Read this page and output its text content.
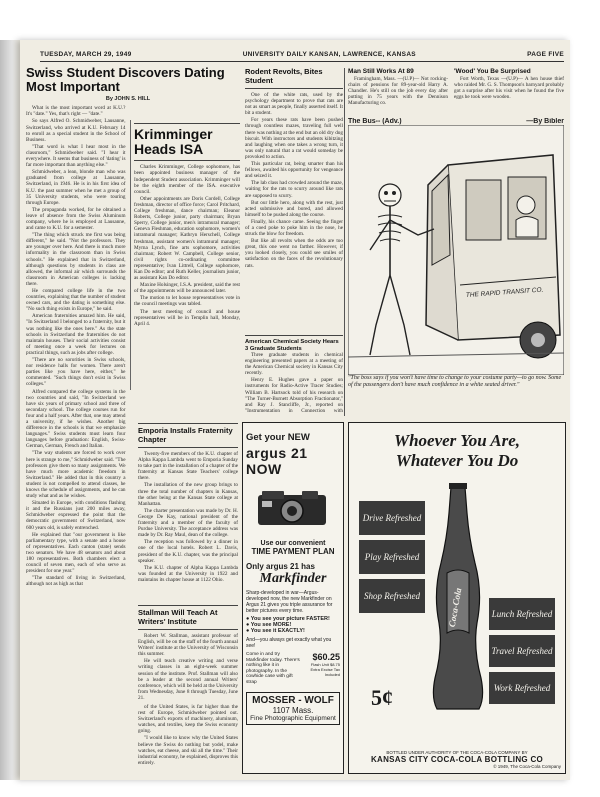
TUESDAY, MARCH 29, 1949	UNIVERSITY DAILY KANSAN, LAWRENCE, KANSAS	PAGE FIVE
Swiss Student Discovers Dating Most Important
By JOHN S. HILL

What is the most important word at K.U.? It's "date." Yes, that's right — "date."

So says Alfred O. Schmidweber, Lausanne, Switzerland, who arrived at K.U. February 14 to enroll as a special student in the School of Business.

"That word is what I hear most in the classroom," Schmidweber said. "I hear it everywhere. It seems that business of 'dating' is far more important than anything else."

Schmidweber, a lean, blonde man who was graduated from college at Lausanne, Switzerland, in 1946. He is in his first idea of K.U. the past summer when he met a group of 35 University students, who were touring through Europe.

The propaganda worked, for he obtained a leave of absence from the Swiss Aluminum company, where he is employed at Lausanne, and came to K.U. for a semester.

"The thing which struck me first was being different," he said. "Not the professors. They are younger over here. And there is much more informality in the classroom than in Swiss schools." He explained that in Switzerland, although questions by students in class are allowed, the informal air which surrounds the classroom in American colleges is lacking there.

He compared college life in the two countries, explaining that the number of student owned cars, and the dating is something else. "No such thing exists in Europe," he said.

American fraternities amazed him. He said, "In Switzerland I belonged to a fraternity, but it was nothing like the ones here." As the state schools in Switzerland the fraternities do not maintain houses. Their social activities consist of meeting once a week for lectures on practical things, such as jobs after college.

"There are no sororities in Swiss schools, nor residence halls for women. There aren't parties like you have here, either," he commented. "Such things don't exist in Swiss colleges."

Alfred compared the college systems in the two countries and said, "In Switzerland we have six years of primary school and three of secondary school. The college courses run for four and a half years. After that, one may attend a university, if he wishes. Another big difference in the schools is that we emphasize languages." Swiss students must learn four languages before graduation: English, Swiss-German, German, French and Italian.

"The way students are forced to work over here is strange to me," Schmidweber said. "The professors give them so many assignments. We have much more academic freedom in Switzerland." He added that in this country a student is not compelled to attend classes, he knows the schedule of assignments, and he can study what and as he wishes.

Situated in Europe, with conditions flashing it and the Russians just 200 miles away, Schmidweber expressed the point that the democratic government of Switzerland, now 600 years old, is safely entrenched.

He explained that "our government is like parliamentary type, with a senate and a house of representatives. Each canton (state) sends two senators. We have 48 senators and about 180 representatives. Both chambers elect a council of seven men, each of who serve as president for one year."

"The standard of living in Switzerland, although not as high as that

Krimminger Heads ISA

Charles Krimminger, College sophomore, has been appointed business manager of the Independent Student association. Krimminger will be the eighth member of the ISA. executive council.

Other appointments are Doris Cordell, College freshman, director of office force; Carol Pritchard, College freshman, dance chairman; Eleanor Roberts, College junior, party chairman; Bryan Sperry, College junior, men's intramural manager; Geneva Fleshman, education sophomore, women's intramural manager; Kathryn Herschell, College freshman, assistant women's intramural manager; Myrna Lynch, fine arts sophomore, activities chairman; Robert W. Campbell, College senior, civil rights co-ordinating committee representative; Ivan Littrell, College sophomore, Kan Do editor; and Ruth Keller, journalism junior, as assistant Kan Do editor.

Maxine Holsinger, I.S.A. president, said the rest of the appointments will be announced later.

The motion to let house representatives vote in the council meetings was tabled.

The next meeting of council and house representatives will be in Templin hall, Monday, April 4.

Rodent Revolts, Bites Student

One of the white rats, used by the psychology department to prove that rats are not as smart as people, finally asserted itself. It bit a student.

For years these rats have been pushed through countless mazes, traveling full well there was nothing at the end but an old dry dog biscuit. With instructors and students kibitzing and laughing when one takes a wrong turn, it was only natural that a rat would someday be provoked to action.

This particular rat, being smarter than his fellows, awaited his opportunity for vengeance and seized it.

The lab class had crowded around the maze, waiting for the rats to scurry around like rats are supposed to scurry.

But our little hero, along with the rest, just acted submissive and bored, and allowed himself to be pushed along the course.

Finally, his chance came. Seeing the finger of a coed poke to poke him in the nose, he struck the blow for freedom.

But like all revolts when the odds are too great, this one went no farther. However, if you looked closely, you could see smiles of satisfaction on the faces of the revolutionary rats.

American Chemical Society Hears 3 Graduate Students

Three graduate students in chemical engineering presented papers at a meeting of the American Chemical society in Kansas City recently.

Henry E. Hughes gave a paper on instruments for Radio-Active Tracer Studies; William B. Hartsock told of his research on "The Turner-Burnett Absorption Fractionator," and Ray J. Stancliffe, Jr., reported on "Instrumentation in Connection with

Man Still Works At 89

Framingham, Mass. —(U.P)— Not rocking-chairs of pensions for 89-year-old Harry A. Chandler. He's still on the job every day after putting in 75 years with the Dennison Manufacturing co.

'Wood' You Be Surprised

Fort Worth, Texas —(U.P)— A hen house thief who raided Mr. G. S. Thompson's barnyard probably got a surprise after his visit when he found the five eggs he took were wooden.

The Bus-- (Adv.)	—By Bibler
THE RAPID TRANSIT CO.
"The boss says if you won't have time to change to your costume party—to go now. Some of the passengers don't have much confidence in a white seated driver."
Emporia Installs Fraternity Chapter

Twenty-five members of the K.U. chapter of Alpha Kappa Lambda went to Emporia Sunday to take part in the installation of a chapter of the fraternity at Kansas State Teachers' college there.

The installation of the new group brings to three the total number of chapters in Kansas, the other being at the Kansas State college at Manhattan.

The charter presentation was made by Dr. H. George De Kay, national president of the fraternity and a member of the faculty of Purdue University. The acceptance address was made by Dr. Ray Maul, dean of the college.

The reception was followed by a dinner in one of the local hotels. Robert L. Davis, president of the K.U. chapter, was the principal speaker.

The K.U. chapter of Alpha Kappa Lambda was founded at the University in 1922 and maintains its chapter house at 1122 Ohio.

Stallman Will Teach At Writers' Institute

Robert W. Stallman, assistant professor of English, will be on the staff of the fourth annual Writers' institute at the University of Wisconsin this summer.

He will teach creative writing and verse writing classes in an eight-week summer session of the institute. Prof. Stallman will also be a leader at the second annual Writers' conference, which will be held at the University from Wednesday, June 8 through Tuesday, June 21.

of the United States, is far higher than the rest of Europe, Schmidweber pointed out. Switzerland's exports of machinery, aluminum, watches, and textiles, keep the Swiss economy going.

"I would like to know why the United States believe the Swiss do nothing but yodel, make watches, eat cheese, and ski all the time." Their industrial economy, he explained, disproves this entirely.

Get your NEW
argus 21 NOW
Use our convenient
TIME PAYMENT PLAN
Only argus 21 has
Markfinder
Sharp-developed in war—Argus-developed now, the new Markfinder on Argus 21 gives you triple assurance for better pictures every time.
● You see your picture FASTER!
● You see MORE!
● You see it EXACTLY!
And—you always get exactly what you see!
Come in and try Markfinder today. There's nothing like it in photography. In the cowhide case with gift strap
$60.25
Flash Unit $8.75 Extra Excise Tax Included
MOSSER - WOLF
1107 Mass.
Fine Photographic Equipment
Whoever You Are,
Whatever You Do
Drive Refreshed
Play Refreshed
Shop Refreshed	Coca-Cola	Lunch Refreshed
Travel Refreshed
Work Refreshed
5¢
BOTTLED UNDER AUTHORITY OF THE COCA-COLA COMPANY BY
KANSAS CITY COCA-COLA BOTTLING CO
© 1949, The Coca-Cola Company
